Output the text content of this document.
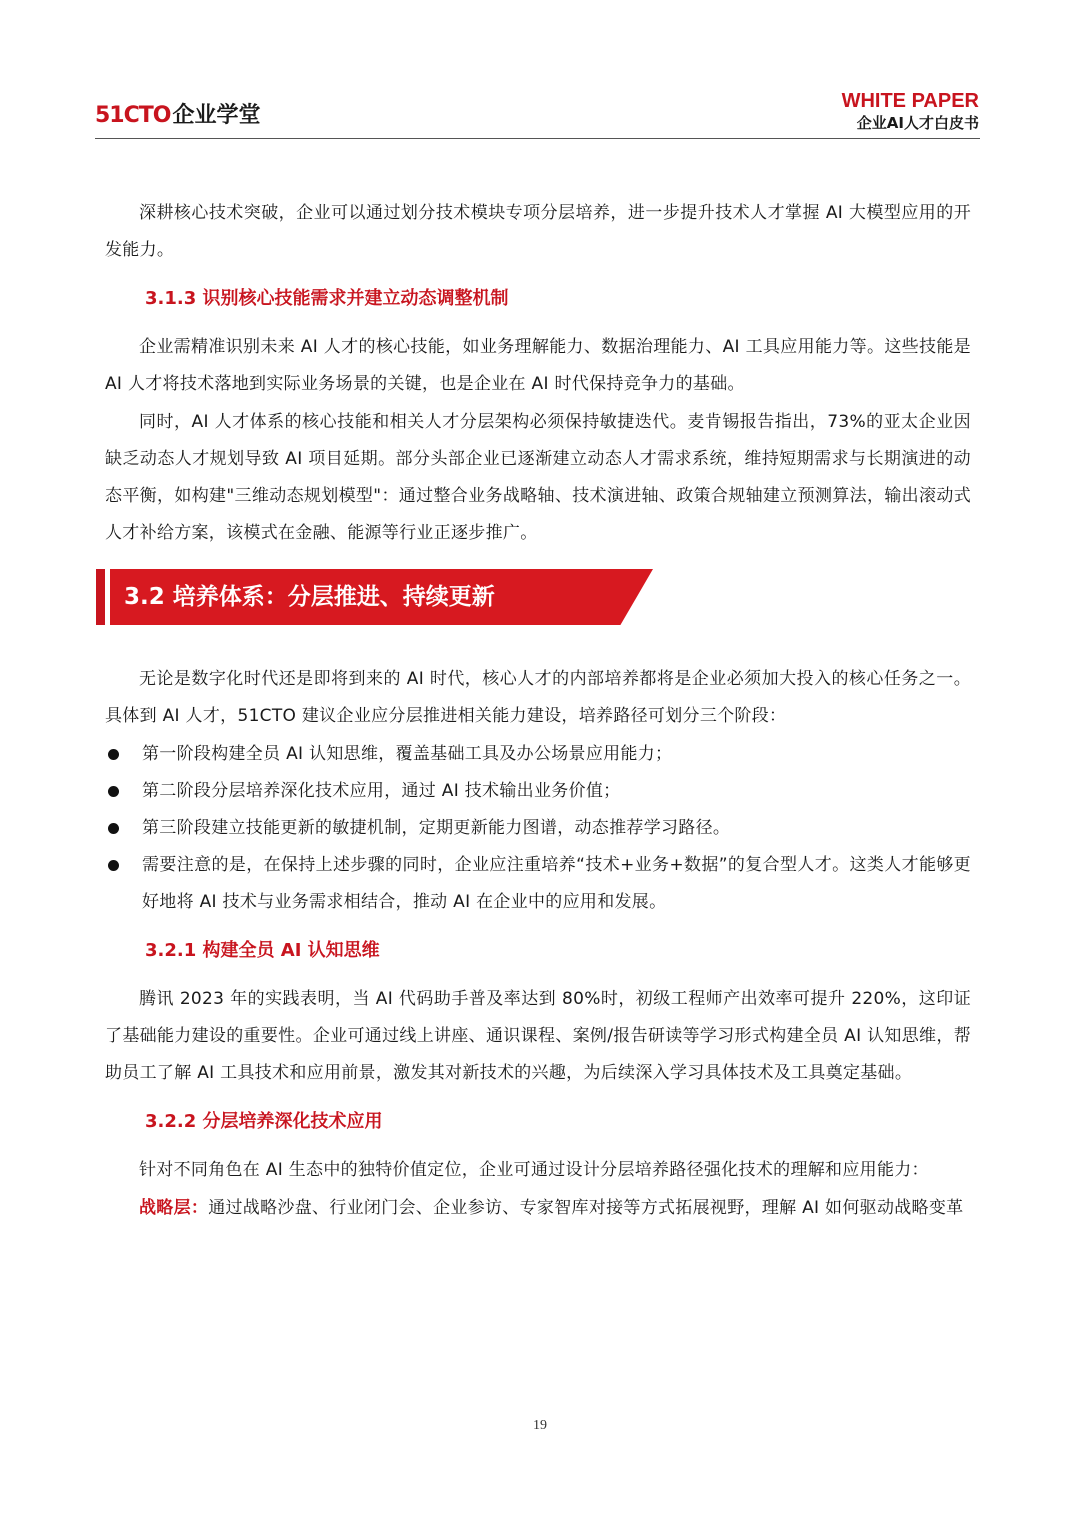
51CTO企业学堂
WHITE PAPER
企业AI人才白皮书

深耕核心技术突破，企业可以通过划分技术模块专项分层培养，进一步提升技术人才掌握 AI 大模型应用的开发能力。

3.1.3 识别核心技能需求并建立动态调整机制

企业需精准识别未来 AI 人才的核心技能，如业务理解能力、数据治理能力、AI 工具应用能力等。这些技能是 AI 人才将技术落地到实际业务场景的关键，也是企业在 AI 时代保持竞争力的基础。

同时，AI 人才体系的核心技能和相关人才分层架构必须保持敏捷迭代。麦肯锡报告指出，73%的亚太企业因缺乏动态人才规划导致 AI 项目延期。部分头部企业已逐渐建立动态人才需求系统，维持短期需求与长期演进的动态平衡，如构建"三维动态规划模型"：通过整合业务战略轴、技术演进轴、政策合规轴建立预测算法，输出滚动式人才补给方案，该模式在金融、能源等行业正逐步推广。

3.2 培养体系：分层推进、持续更新

无论是数字化时代还是即将到来的 AI 时代，核心人才的内部培养都将是企业必须加大投入的核心任务之一。具体到 AI 人才，51CTO 建议企业应分层推进相关能力建设，培养路径可划分三个阶段：

第一阶段构建全员 AI 认知思维，覆盖基础工具及办公场景应用能力；
第二阶段分层培养深化技术应用，通过 AI 技术输出业务价值；
第三阶段建立技能更新的敏捷机制，定期更新能力图谱，动态推荐学习路径。
需要注意的是，在保持上述步骤的同时，企业应注重培养“技术+业务+数据”的复合型人才。这类人才能够更好地将 AI 技术与业务需求相结合，推动 AI 在企业中的应用和发展。
3.2.1 构建全员 AI 认知思维

腾讯 2023 年的实践表明，当 AI 代码助手普及率达到 80%时，初级工程师产出效率可提升 220%，这印证了基础能力建设的重要性。企业可通过线上讲座、通识课程、案例/报告研读等学习形式构建全员 AI 认知思维，帮助员工了解 AI 工具技术和应用前景，激发其对新技术的兴趣，为后续深入学习具体技术及工具奠定基础。

3.2.2 分层培养深化技术应用

针对不同角色在 AI 生态中的独特价值定位，企业可通过设计分层培养路径强化技术的理解和应用能力：

战略层：通过战略沙盘、行业闭门会、企业参访、专家智库对接等方式拓展视野，理解 AI 如何驱动战略变革

19
